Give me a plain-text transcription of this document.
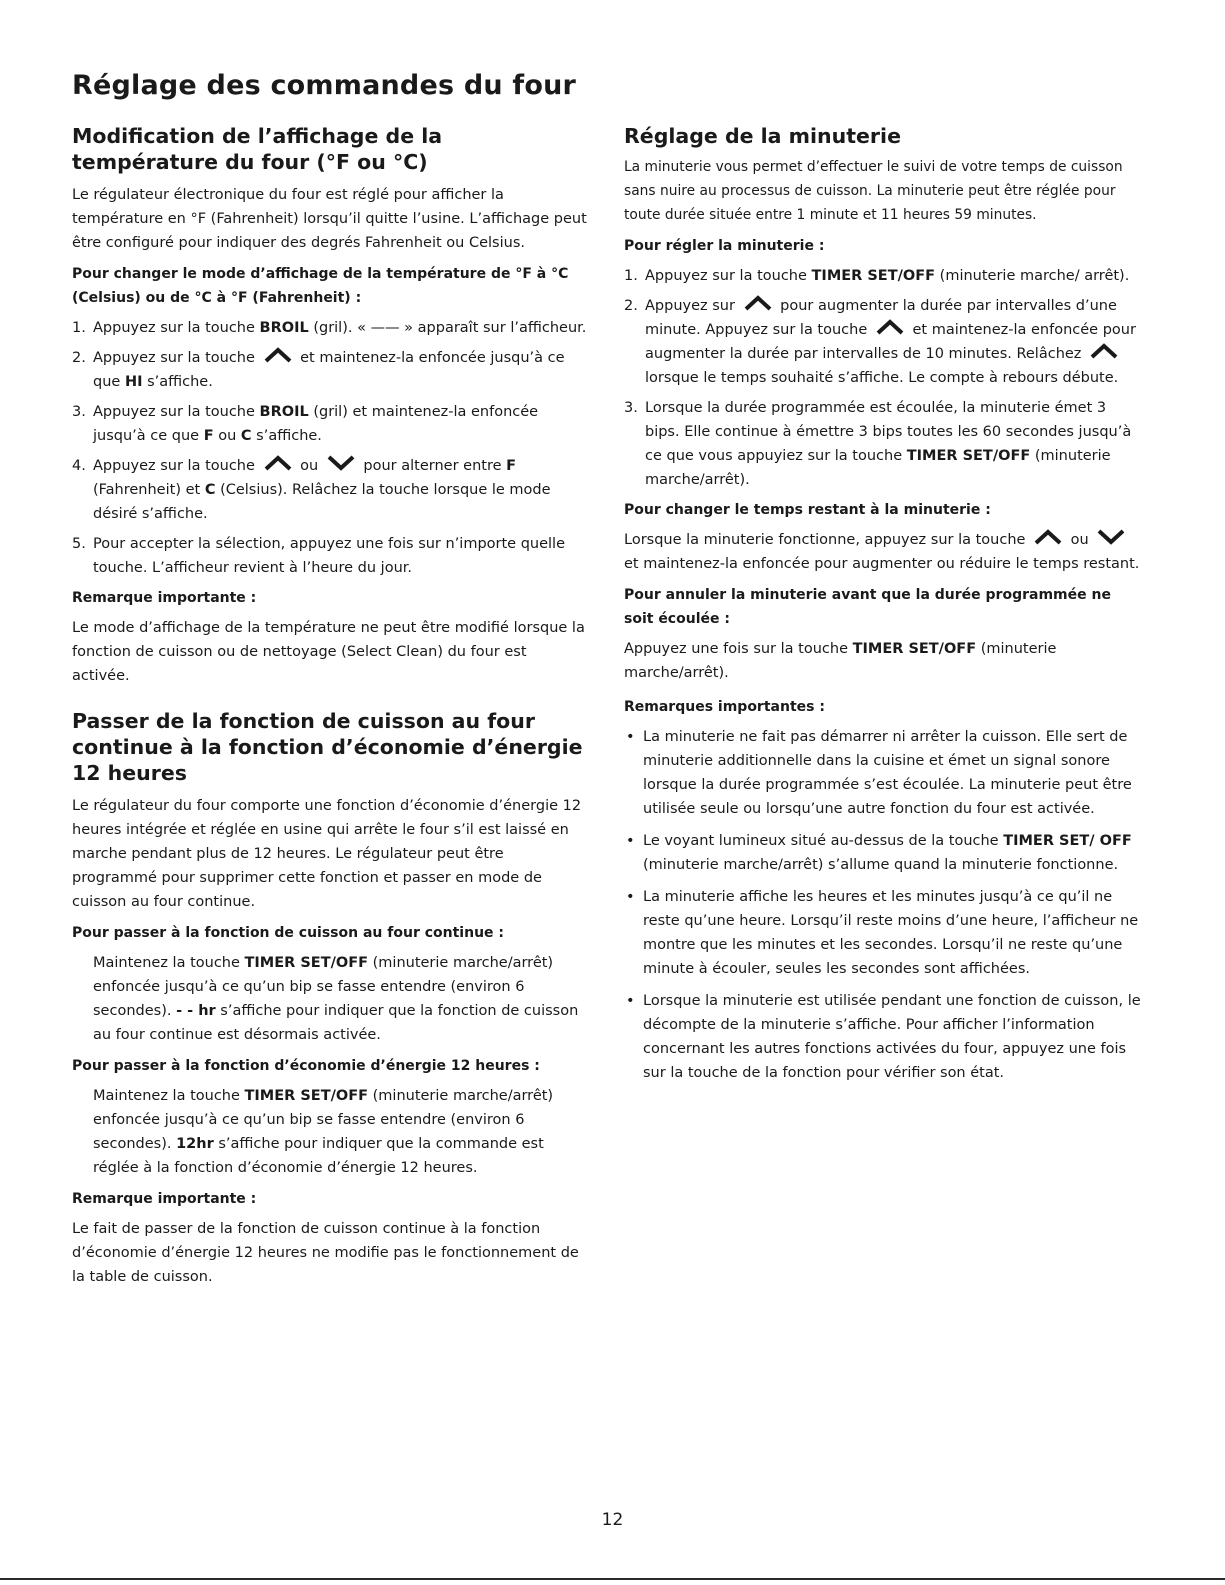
Réglage des commandes du four
Modification de l’affichage de la température du four (°F ou °C)

Le régulateur électronique du four est réglé pour afficher la température en °F (Fahrenheit) lorsqu’il quitte l’usine. L’affichage peut être configuré pour indiquer des degrés Fahrenheit ou Celsius.

Pour changer le mode d’affichage de la température de °F à °C (Celsius) ou de °C à °F (Fahrenheit) :
1. Appuyez sur la touche BROIL (gril). « —— » apparaît sur l’afficheur.
2. Appuyez sur la touche	et maintenez-la enfoncée jusqu’à ce que HI s’affiche.
3. Appuyez sur la touche BROIL (gril) et maintenez-la enfoncée jusqu’à ce que F ou C s’affiche.
4. Appuyez sur la touche	ou	pour alterner entre F (Fahrenheit) et C (Celsius). Relâchez la touche lorsque le mode désiré s’affiche.
5. Pour accepter la sélection, appuyez une fois sur n’importe quelle touche. L’afficheur revient à l’heure du jour.
Remarque importante :

Le mode d’affichage de la température ne peut être modifié lorsque la fonction de cuisson ou de nettoyage (Select Clean) du four est activée.

Passer de la fonction de cuisson au four continue à la fonction d’économie d’énergie 12 heures

Le régulateur du four comporte une fonction d’économie d’énergie 12 heures intégrée et réglée en usine qui arrête le four s’il est laissé en marche pendant plus de 12 heures. Le régulateur peut être programmé pour supprimer cette fonction et passer en mode de cuisson au four continue.

Pour passer à la fonction de cuisson au four continue :

Maintenez la touche TIMER SET/OFF (minuterie marche/arrêt) enfoncée jusqu’à ce qu’un bip se fasse entendre (environ 6 secondes). - - hr s’affiche pour indiquer que la fonction de cuisson au four continue est désormais activée.

Pour passer à la fonction d’économie d’énergie 12 heures :

Maintenez la touche TIMER SET/OFF (minuterie marche/arrêt) enfoncée jusqu’à ce qu’un bip se fasse entendre (environ 6 secondes). 12hr s’affiche pour indiquer que la commande est réglée à la fonction d’économie d’énergie 12 heures.

Remarque importante :

Le fait de passer de la fonction de cuisson continue à la fonction d’économie d’énergie 12 heures ne modifie pas le fonctionnement de la table de cuisson.

Réglage de la minuterie

La minuterie vous permet d’effectuer le suivi de votre temps de cuisson sans nuire au processus de cuisson. La minuterie peut être réglée pour toute durée située entre 1 minute et 11 heures 59 minutes.

Pour régler la minuterie :
1. Appuyez sur la touche TIMER SET/OFF (minuterie marche/ arrêt).
2. Appuyez sur	pour augmenter la durée par intervalles d’une minute. Appuyez sur la touche	et maintenez-la enfoncée pour augmenter la durée par intervalles de 10 minutes. Relâchez
lorsque le temps souhaité s’affiche. Le compte à rebours débute.
3. Lorsque la durée programmée est écoulée, la minuterie émet 3 bips. Elle continue à émettre 3 bips toutes les 60 secondes jusqu’à ce que vous appuyiez sur la touche TIMER SET/OFF (minuterie marche/arrêt).
Pour changer le temps restant à la minuterie :

Lorsque la minuterie fonctionne, appuyez sur la touche	ou
et maintenez-la enfoncée pour augmenter ou réduire le temps restant.

Pour annuler la minuterie avant que la durée programmée ne soit écoulée :

Appuyez une fois sur la touche TIMER SET/OFF (minuterie marche/arrêt).

Remarques importantes :
• La minuterie ne fait pas démarrer ni arrêter la cuisson. Elle sert de minuterie additionnelle dans la cuisine et émet un signal sonore lorsque la durée programmée s’est écoulée. La minuterie peut être utilisée seule ou lorsqu’une autre fonction du four est activée.
• Le voyant lumineux situé au-dessus de la touche TIMER SET/ OFF (minuterie marche/arrêt) s’allume quand la minuterie fonctionne.
• La minuterie affiche les heures et les minutes jusqu’à ce qu’il ne reste qu’une heure. Lorsqu’il reste moins d’une heure, l’afficheur ne montre que les minutes et les secondes. Lorsqu’il ne reste qu’une minute à écouler, seules les secondes sont affichées.
• Lorsque la minuterie est utilisée pendant une fonction de cuisson, le décompte de la minuterie s’affiche. Pour afficher l’information concernant les autres fonctions activées du four, appuyez une fois sur la touche de la fonction pour vérifier son état.
12
